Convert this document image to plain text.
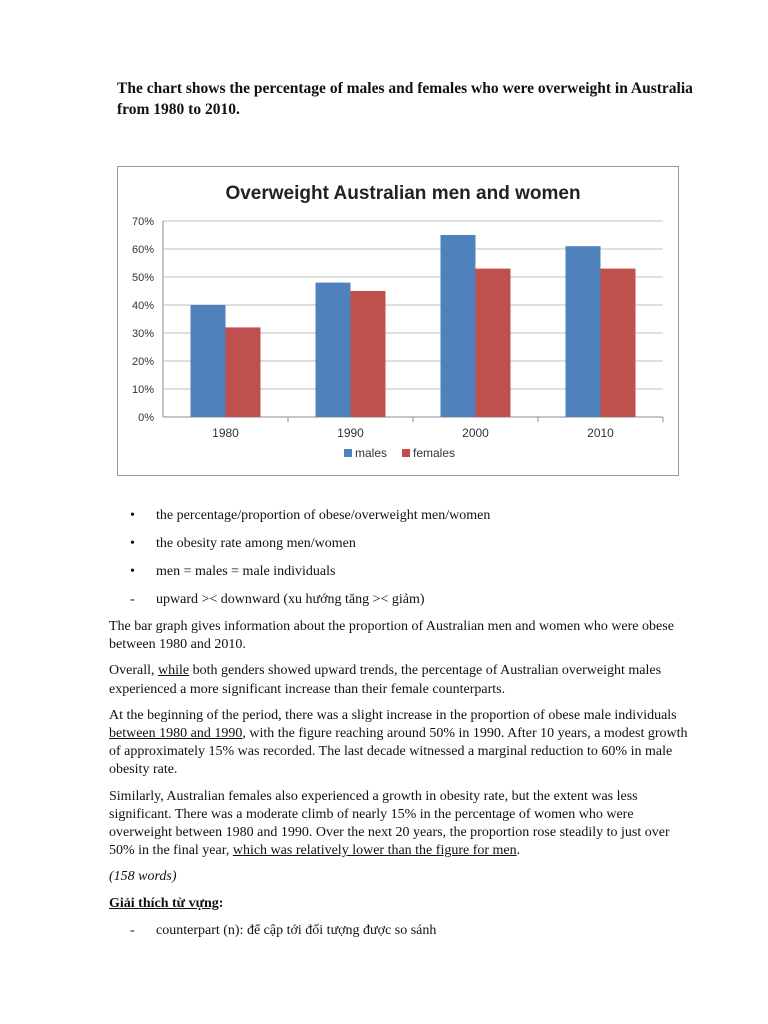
The chart shows the percentage of males and females who were overweight in Australia from 1980 to 2010.

Overweight Australian men and women
0%
10%
20%
30%
40%
50%
60%
70%
1980	1990	2000	2010
males females
•	the percentage/proportion of obese/overweight men/women
•	the obesity rate among men/women
•	men = males = male individuals
-	upward >< downward (xu hướng tăng >< giảm)

The bar graph gives information about the proportion of Australian men and women who were obese between 1980 and 2010.

Overall, while both genders showed upward trends, the percentage of Australian overweight males experienced a more significant increase than their female counterparts.

At the beginning of the period, there was a slight increase in the proportion of obese male individuals between 1980 and 1990, with the figure reaching around 50% in 1990. After 10 years, a modest growth of approximately 15% was recorded. The last decade witnessed a marginal reduction to 60% in male obesity rate.

Similarly, Australian females also experienced a growth in obesity rate, but the extent was less significant. There was a moderate climb of nearly 15% in the percentage of women who were overweight between 1980 and 1990. Over the next 20 years, the proportion rose steadily to just over 50% in the final year, which was relatively lower than the figure for men.

(158 words)

Giải thích từ vựng:

- counterpart (n): để cập tới đối tượng được so sánh
